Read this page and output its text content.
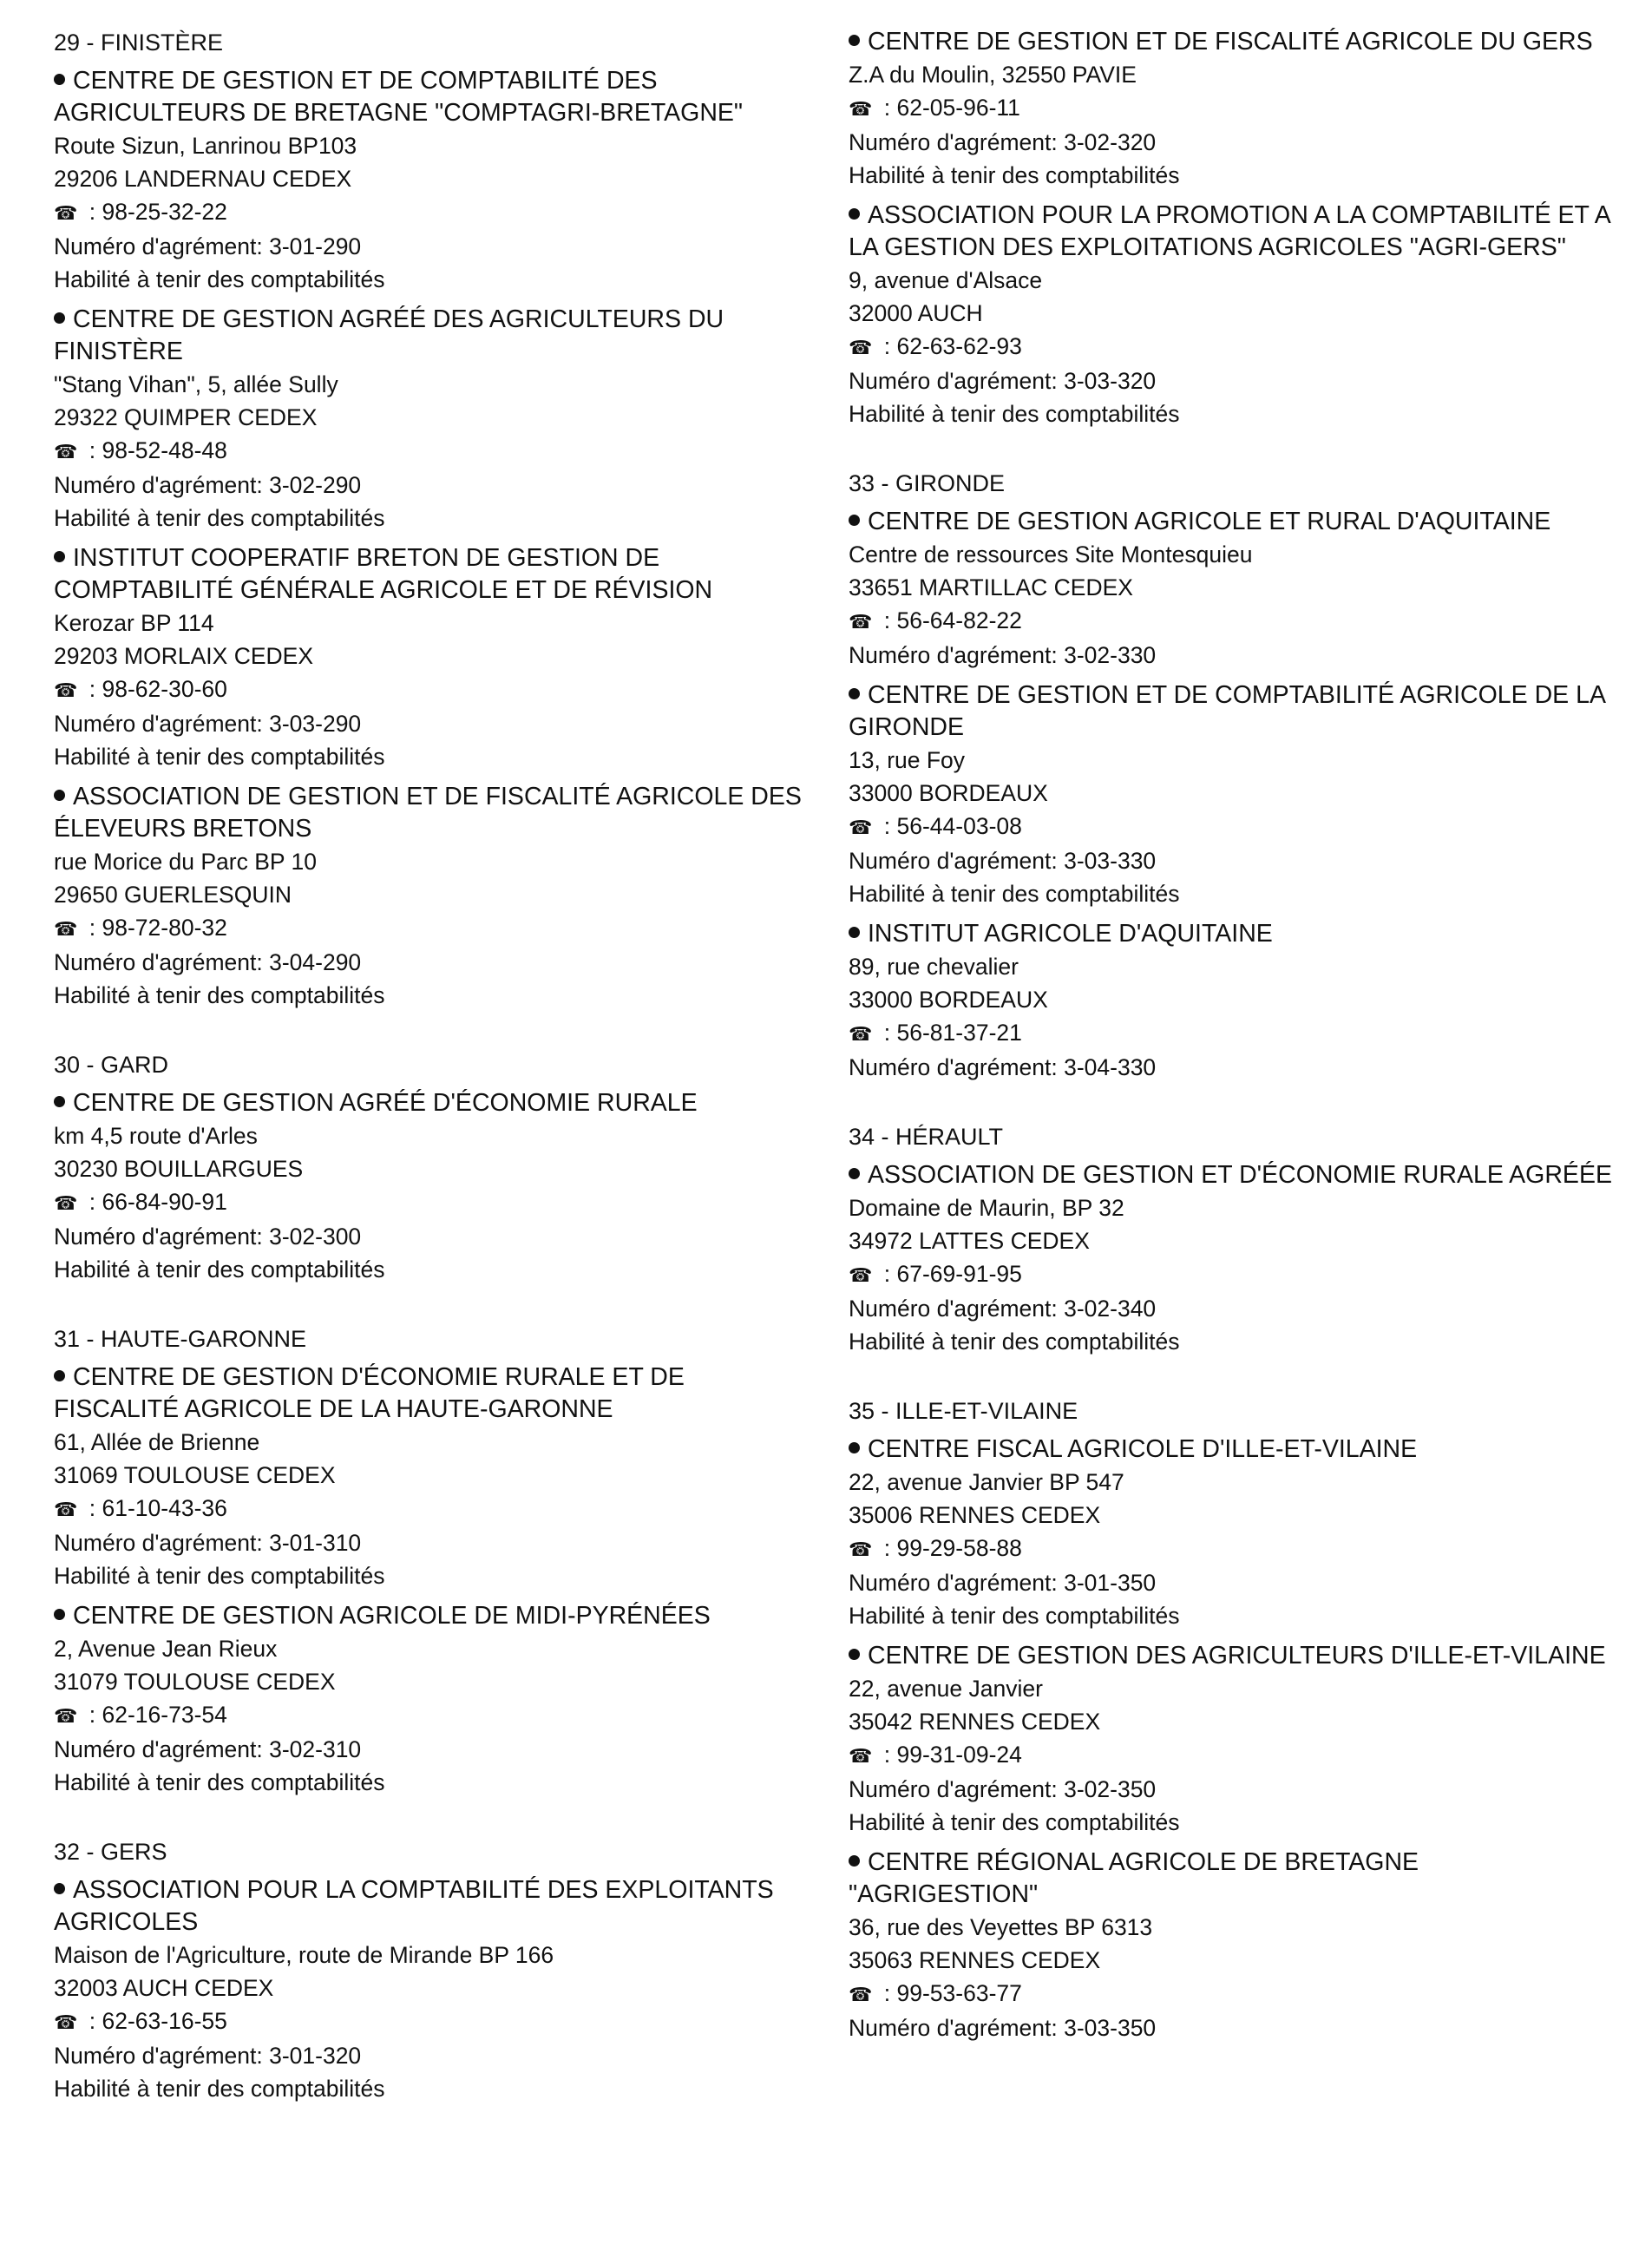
29 - FINISTÈRE
CENTRE DE GESTION ET DE COMPTABILITÉ DES AGRICULTEURS DE BRETAGNE "COMPTAGRI-BRETAGNE"
Route Sizun, Lanrinou BP103
29206 LANDERNAU CEDEX
☎ : 98-25-32-22
Numéro d'agrément: 3-01-290
Habilité à tenir des comptabilités
CENTRE DE GESTION AGRÉÉ DES AGRICULTEURS DU FINISTÈRE
"Stang Vihan", 5, allée Sully
29322 QUIMPER CEDEX
☎ : 98-52-48-48
Numéro d'agrément: 3-02-290
Habilité à tenir des comptabilités
INSTITUT COOPERATIF BRETON DE GESTION DE COMPTABILITÉ GÉNÉRALE AGRICOLE ET DE RÉVISION
Kerozar BP 114
29203 MORLAIX CEDEX
☎ : 98-62-30-60
Numéro d'agrément: 3-03-290
Habilité à tenir des comptabilités
ASSOCIATION DE GESTION ET DE FISCALITÉ AGRICOLE DES ÉLEVEURS BRETONS
rue Morice du Parc BP 10
29650 GUERLESQUIN
☎ : 98-72-80-32
Numéro d'agrément: 3-04-290
Habilité à tenir des comptabilités
30 - GARD
CENTRE DE GESTION AGRÉÉ D'ÉCONOMIE RURALE
km 4,5 route d'Arles
30230 BOUILLARGUES
☎ : 66-84-90-91
Numéro d'agrément: 3-02-300
Habilité à tenir des comptabilités
31 - HAUTE-GARONNE
CENTRE DE GESTION D'ÉCONOMIE RURALE ET DE FISCALITÉ AGRICOLE DE LA HAUTE-GARONNE
61, Allée de Brienne
31069 TOULOUSE CEDEX
☎ : 61-10-43-36
Numéro d'agrément: 3-01-310
Habilité à tenir des comptabilités
CENTRE DE GESTION AGRICOLE DE MIDI-PYRÉNÉES
2, Avenue Jean Rieux
31079 TOULOUSE CEDEX
☎ : 62-16-73-54
Numéro d'agrément: 3-02-310
Habilité à tenir des comptabilités
32 - GERS
ASSOCIATION POUR LA COMPTABILITÉ DES EXPLOITANTS AGRICOLES
Maison de l'Agriculture, route de Mirande BP 166
32003 AUCH CEDEX
☎ : 62-63-16-55
Numéro d'agrément: 3-01-320
Habilité à tenir des comptabilités
CENTRE DE GESTION ET DE FISCALITÉ AGRICOLE DU GERS
Z.A du Moulin, 32550 PAVIE
☎ : 62-05-96-11
Numéro d'agrément: 3-02-320
Habilité à tenir des comptabilités
ASSOCIATION POUR LA PROMOTION A LA COMPTABILITÉ ET A LA GESTION DES EXPLOITATIONS AGRICOLES "AGRI-GERS"
9, avenue d'Alsace
32000 AUCH
☎ : 62-63-62-93
Numéro d'agrément: 3-03-320
Habilité à tenir des comptabilités
33 - GIRONDE
CENTRE DE GESTION AGRICOLE ET RURAL D'AQUITAINE
Centre de ressources Site Montesquieu
33651 MARTILLAC CEDEX
☎ : 56-64-82-22
Numéro d'agrément: 3-02-330
CENTRE DE GESTION ET DE COMPTABILITÉ AGRICOLE DE LA GIRONDE
13, rue Foy
33000 BORDEAUX
☎ : 56-44-03-08
Numéro d'agrément: 3-03-330
Habilité à tenir des comptabilités
INSTITUT AGRICOLE D'AQUITAINE
89, rue chevalier
33000 BORDEAUX
☎ : 56-81-37-21
Numéro d'agrément: 3-04-330
34 - HÉRAULT
ASSOCIATION DE GESTION ET D'ÉCONOMIE RURALE AGRÉÉE
Domaine de Maurin, BP 32
34972 LATTES CEDEX
☎ : 67-69-91-95
Numéro d'agrément: 3-02-340
Habilité à tenir des comptabilités
35 - ILLE-ET-VILAINE
CENTRE FISCAL AGRICOLE D'ILLE-ET-VILAINE
22, avenue Janvier BP 547
35006 RENNES CEDEX
☎ : 99-29-58-88
Numéro d'agrément: 3-01-350
Habilité à tenir des comptabilités
CENTRE DE GESTION DES AGRICULTEURS D'ILLE-ET-VILAINE
22, avenue Janvier
35042 RENNES CEDEX
☎ : 99-31-09-24
Numéro d'agrément: 3-02-350
Habilité à tenir des comptabilités
CENTRE RÉGIONAL AGRICOLE DE BRETAGNE "AGRIGESTION"
36, rue des Veyettes BP 6313
35063 RENNES CEDEX
☎ : 99-53-63-77
Numéro d'agrément: 3-03-350
